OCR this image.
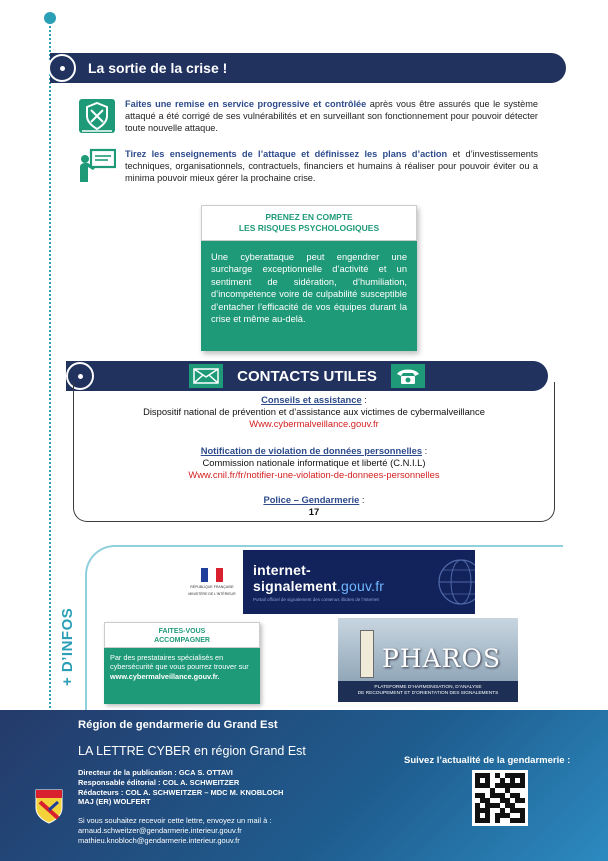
La sortie de la crise !

Faites une remise en service progressive et contrôlée après vous être assurés que le système attaqué a été corrigé de ses vulnérabilités et en surveillant son fonctionnement pour pouvoir détecter toute nouvelle attaque.

Tirez les enseignements de l’attaque et définissez les plans d’action et d’investissements techniques, organisationnels, contractuels, financiers et humains à réaliser pour pouvoir éviter ou a minima pouvoir mieux gérer la prochaine crise.

PRENEZ EN COMPTE
LES RISQUES PSYCHOLOGIQUES
Une cyberattaque peut engendrer une surcharge exceptionnelle d’activité et un sentiment de sidération, d’humiliation, d’incompétence voire de culpabilité susceptible d’entacher l’efficacité de vos équipes durant la crise et même au-delà.
CONTACTS UTILES
Conseils et assistance :
Dispositif national de prévention et d’assistance aux victimes de cybermalveillance
Www.cybermalveillance.gouv.fr
Notification de violation de données personnelles :
Commission nationale informatique et liberté (C.N.I.L)
Www.cnil.fr/fr/notifier-une-violation-de-donnees-personnelles
Police – Gendarmerie :
17
+ D’INFOS
RÉPUBLIQUE FRANÇAISE
MINISTÈRE DE L’INTÉRIEUR
internet-signalement.gouv.fr
Portail officiel de signalement des contenus illicites de l’Internet
FAITES-VOUS
ACCOMPAGNER
Par des prestataires spécialisés en cybersécurité que vous pourrez trouver sur
www.cybermalveillance.gouv.fr.
PHAROS
PLATEFORME D’HARMONISATION, D’ANALYSE
DE RECOUPEMENT ET D’ORIENTATION DES SIGNALEMENTS
Région de gendarmerie du Grand Est
LA LETTRE CYBER en région Grand Est
Directeur de la publication : GCA S. OTTAVI
Responsable éditorial : COL A. SCHWEITZER
Rédacteurs : COL A. SCHWEITZER – MDC M. KNOBLOCH
MAJ (ER) WOLFERT
Si vous souhaitez recevoir cette lettre, envoyez un mail à :
arnaud.schweitzer@gendarmerie.interieur.gouv.fr
mathieu.knobloch@gendarmerie.interieur.gouv.fr
Suivez l’actualité de la gendarmerie :
